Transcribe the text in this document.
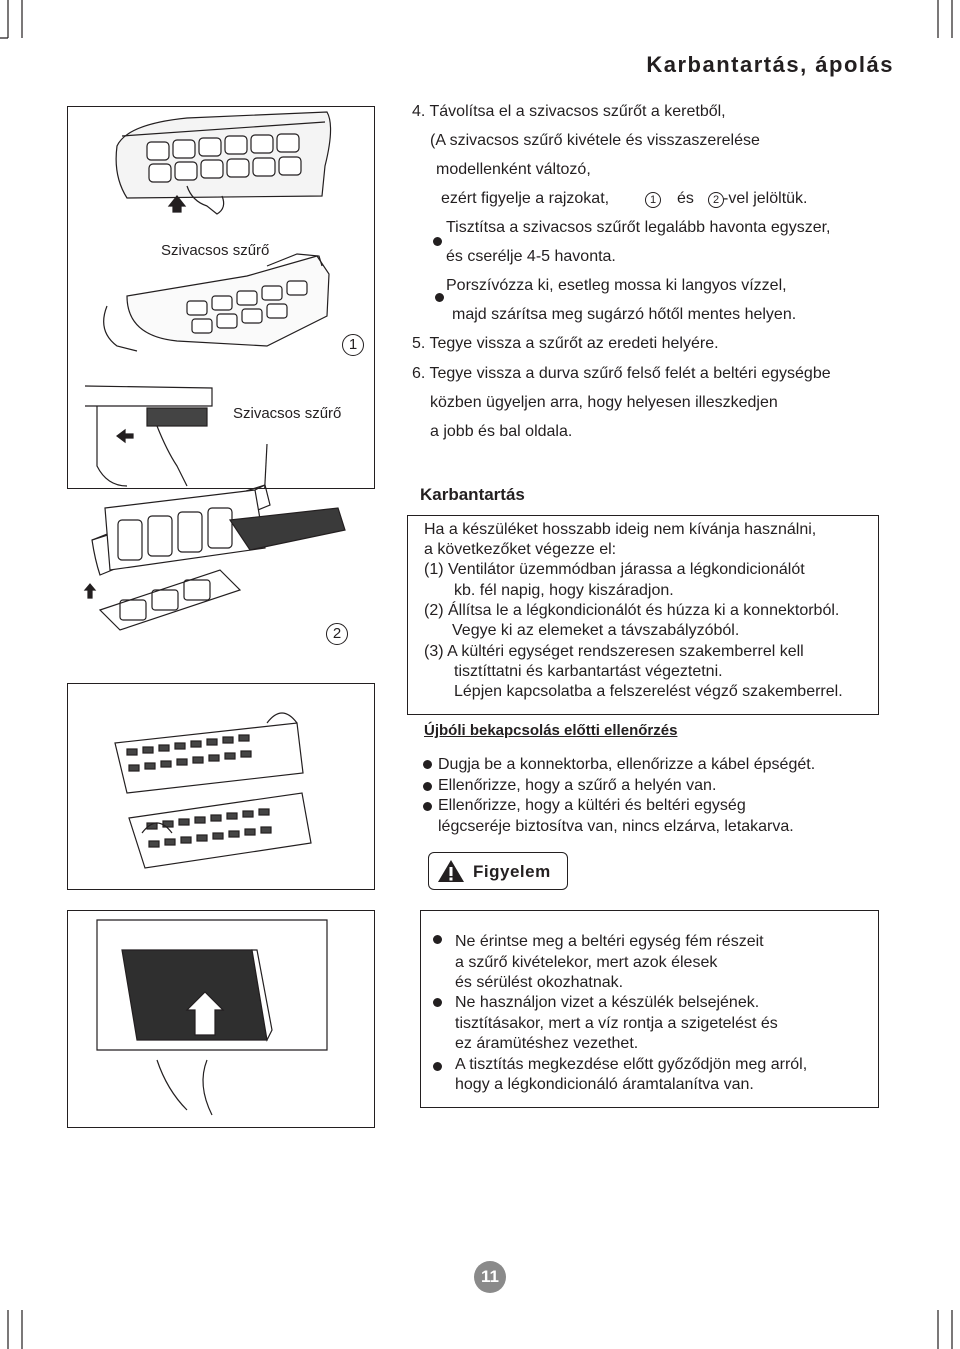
Karbantartás, ápolás
Szivacsos szűrő
Szivacsos szűrő
1
2
4. Távolítsa el a szivacsos szűrőt a keretből,
(A szivacsos szűrő kivétele és visszaszerelése
modellenként változó,
ezért figyelje a rajzokat,	1	és	2 -vel jelöltük.
Tisztítsa a szivacsos szűrőt legalább havonta egyszer,
és cserélje 4-5 havonta.
Porszívózza ki, esetleg mossa ki langyos vízzel,
majd szárítsa meg sugárzó hőtől mentes helyen.
5. Tegye vissza a szűrőt az eredeti helyére.
6. Tegye vissza a durva szűrő felső felét a beltéri egységbe
közben ügyeljen arra, hogy helyesen illeszkedjen
a jobb és bal oldala.
Karbantartás
Ha a készüléket hosszabb ideig nem kívánja használni,
a következőket végezze el:
(1) Ventilátor üzemmódban járassa a légkondicionálót
kb. fél napig, hogy kiszáradjon.
(2) Állítsa le a légkondicionálót és húzza ki a konnektorból.
Vegye ki az elemeket a távszabályzóból.
(3) A kültéri egységet rendszeresen szakemberrel kell
tisztíttatni és karbantartást végeztetni.
Lépjen kapcsolatba a felszerelést végző szakemberrel.
Újbóli bekapcsolás előtti ellenőrzés
Dugja be a konnektorba, ellenőrizze a kábel épségét.
Ellenőrizze, hogy a szűrő a helyén van.
Ellenőrizze, hogy a kültéri és beltéri egység
légcseréje biztosítva van, nincs elzárva, letakarva.
Figyelem
Ne érintse meg a beltéri egység fém részeit
a szűrő kivételekor, mert azok élesek
és sérülést okozhatnak.
Ne használjon vizet a készülék belsejének.
tisztításakor, mert a víz rontja a szigetelést és
ez áramütéshez vezethet.
A tisztítás megkezdése előtt győződjön meg arról,
hogy a légkondicionáló áramtalanítva van.
11
